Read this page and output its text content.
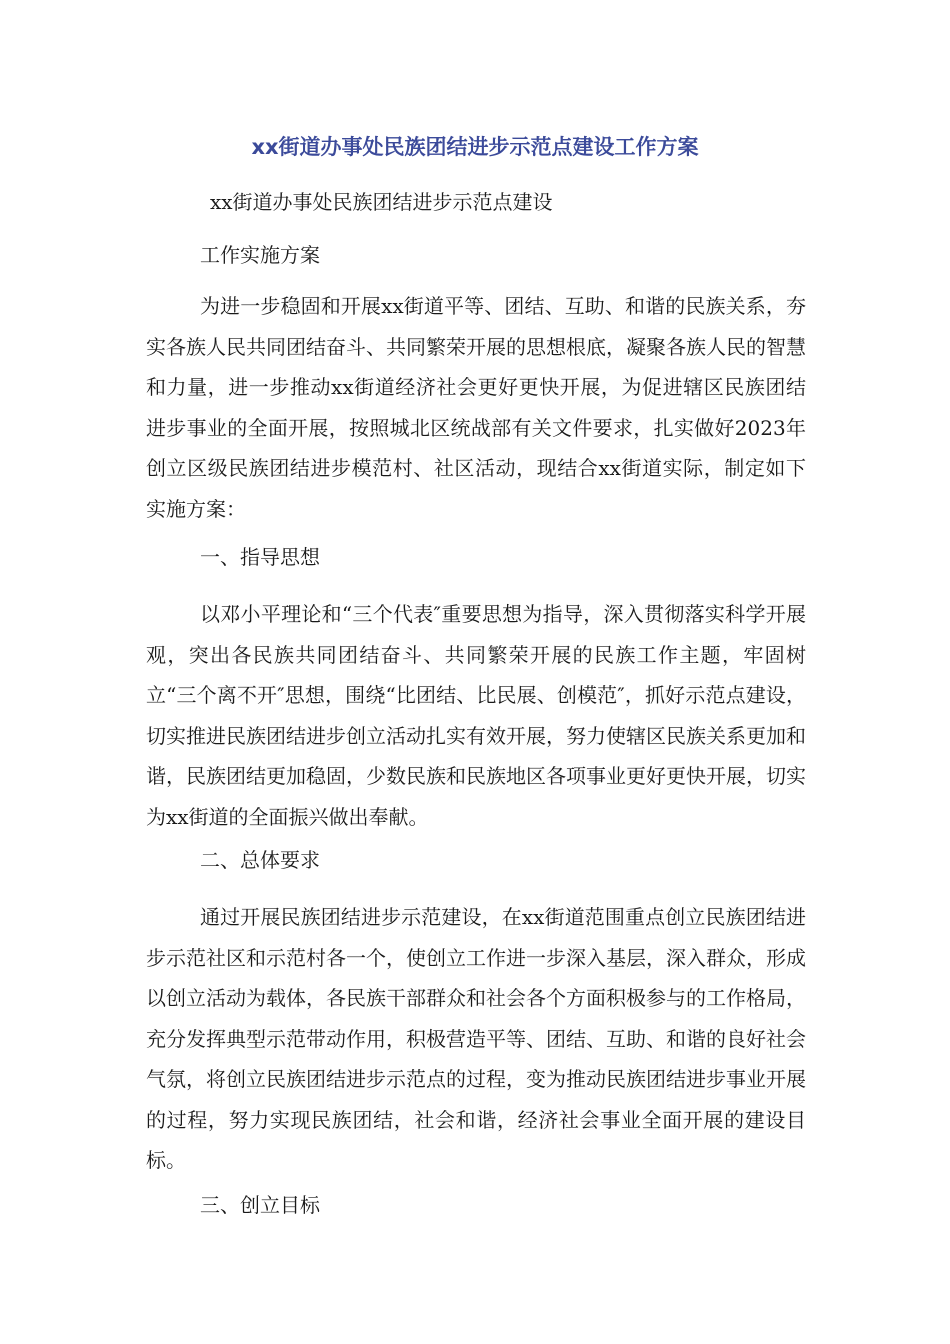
xx街道办事处民族团结进步示范点建设工作方案
xx街道办事处民族团结进步示范点建设
工作实施方案

为进一步稳固和开展xx街道平等、团结、互助、和谐的民族关系，夯实各族人民共同团结奋斗、共同繁荣开展的思想根底，凝聚各族人民的智慧和力量，进一步推动xx街道经济社会更好更快开展，为促进辖区民族团结进步事业的全面开展，按照城北区统战部有关文件要求，扎实做好2023年创立区级民族团结进步模范村、社区活动，现结合xx街道实际，制定如下实施方案：

一、指导思想

以邓小平理论和“三个代表″重要思想为指导，深入贯彻落实科学开展观，突出各民族共同团结奋斗、共同繁荣开展的民族工作主题，牢固树立“三个离不开″思想，围绕“比团结、比民展、创模范″，抓好示范点建设，切实推进民族团结进步创立活动扎实有效开展，努力使辖区民族关系更加和谐，民族团结更加稳固，少数民族和民族地区各项事业更好更快开展，切实为xx街道的全面振兴做出奉献。

二、总体要求

通过开展民族团结进步示范建设，在xx街道范围重点创立民族团结进步示范社区和示范村各一个，使创立工作进一步深入基层，深入群众，形成以创立活动为载体，各民族干部群众和社会各个方面积极参与的工作格局，充分发挥典型示范带动作用，积极营造平等、团结、互助、和谐的良好社会气氛，将创立民族团结进步示范点的过程，变为推动民族团结进步事业开展的过程，努力实现民族团结，社会和谐，经济社会事业全面开展的建设目标。

三、创立目标
